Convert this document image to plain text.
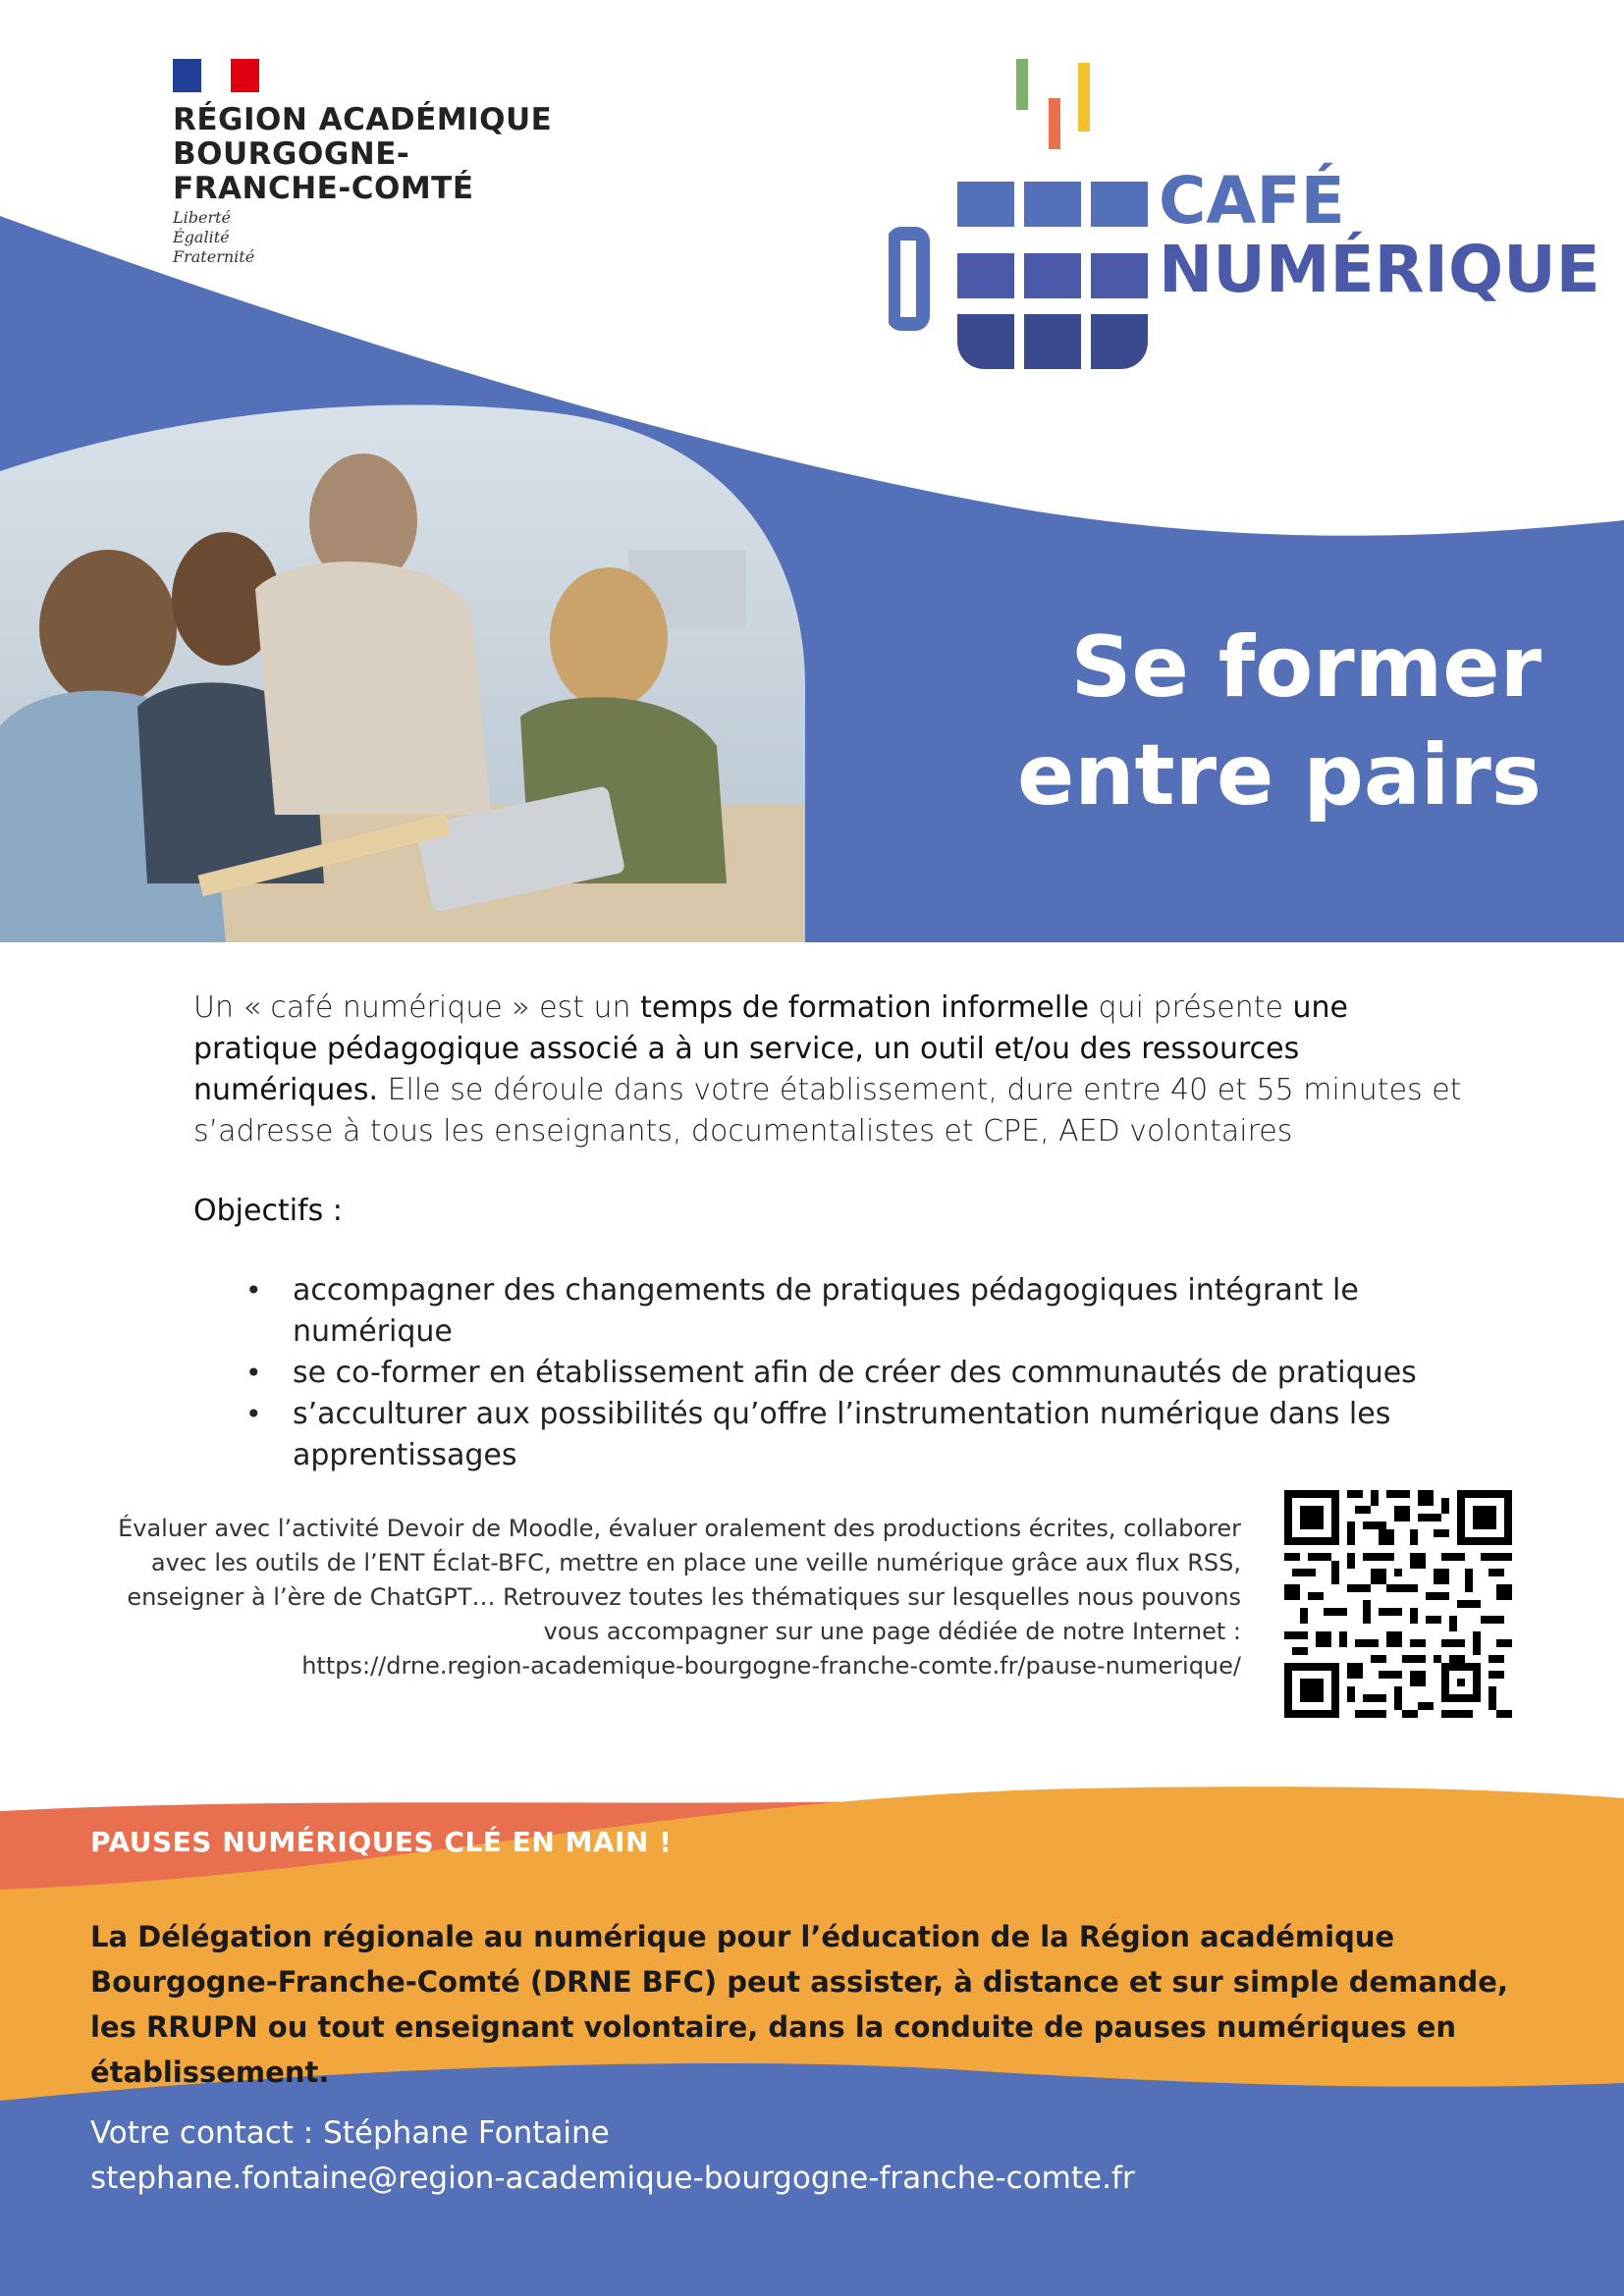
RÉGION ACADÉMIQUE
BOURGOGNE-
FRANCHE-COMTÉ
Liberté
Égalité
Fraternité
CAFÉ
NUMÉRIQUE
Se former
entre pairs
Un « café numérique » est un temps de formation informelle qui présente une pratique pédagogique associé a à un service, un outil et/ou des ressources numériques. Elle se déroule dans votre établissement, dure entre 40 et 55 minutes et s’adresse à tous les enseignants, documentalistes et CPE, AED volontaires
Objectifs :
• accompagner des changements de pratiques pédagogiques intégrant le numérique
• se co-former en établissement afin de créer des communautés de pratiques
• s’acculturer aux possibilités qu’offre l’instrumentation numérique dans les apprentissages
Évaluer avec l’activité Devoir de Moodle, évaluer oralement des productions écrites, collaborer
avec les outils de l’ENT Éclat-BFC, mettre en place une veille numérique grâce aux flux RSS,
enseigner à l’ère de ChatGPT… Retrouvez toutes les thématiques sur lesquelles nous pouvons
vous accompagner sur une page dédiée de notre Internet :
https://drne.region-academique-bourgogne-franche-comte.fr/pause-numerique/
PAUSES NUMÉRIQUES CLÉ EN MAIN !
La Délégation régionale au numérique pour l’éducation de la Région académique Bourgogne-Franche-Comté (DRNE BFC) peut assister, à distance et sur simple demande, les RRUPN ou tout enseignant volontaire, dans la conduite de pauses numériques en établissement.
Votre contact : Stéphane Fontaine
stephane.fontaine@region-academique-bourgogne-franche-comte.fr
